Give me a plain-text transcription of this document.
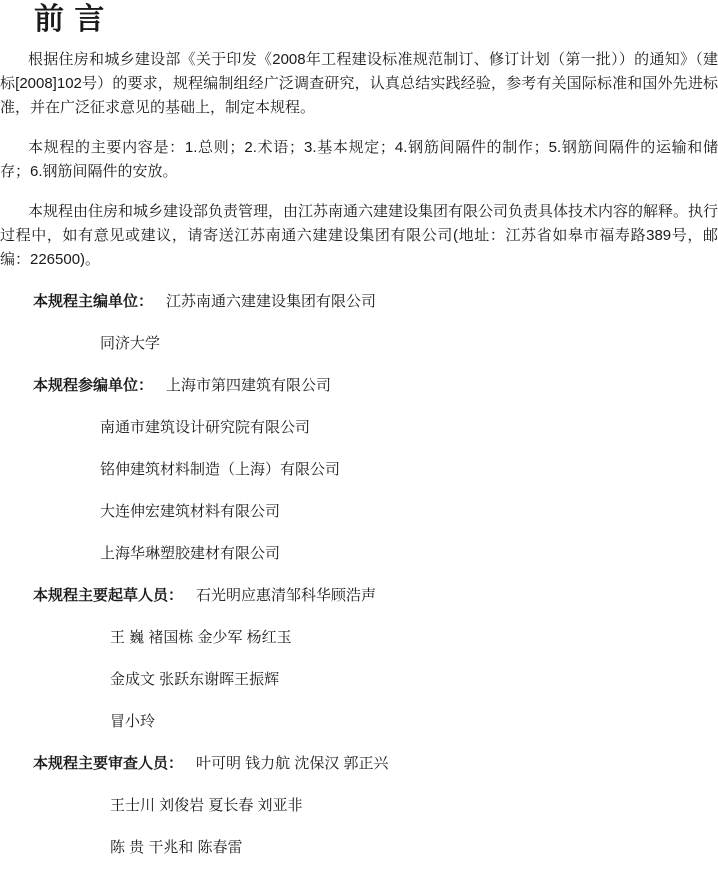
前 言

根据住房和城乡建设部《关于印发《2008年工程建设标准规范制订、修订计划（第一批））的通知》（建标[2008]102号）的要求，规程编制组经广泛调查研究，认真总结实践经验，参考有关国际标准和国外先进标准，并在广泛征求意见的基础上，制定本规程。

本规程的主要内容是：1.总则；2.术语；3.基本规定；4.钢筋间隔件的制作；5.钢筋间隔件的运输和储存；6.钢筋间隔件的安放。

本规程由住房和城乡建设部负责管理，由江苏南通六建建设集团有限公司负责具体技术内容的解释。执行过程中，如有意见或建议，请寄送江苏南通六建建设集团有限公司(地址：江苏省如皋市福寿路389号，邮编：226500)。

本规程主编单位： 江苏南通六建建设集团有限公司
同济大学
本规程参编单位： 上海市第四建筑有限公司
南通市建筑设计研究院有限公司
铭伸建筑材料制造（上海）有限公司
大连伸宏建筑材料有限公司
上海华琳塑胶建材有限公司
本规程主要起草人员： 石光明应惠清邹科华顾浩声
王 巍 褚国栋 金少军 杨红玉
金成文 张跃东谢晖王振辉
冒小玲
本规程主要审查人员： 叶可明 钱力航 沈保汉 郭正兴
王士川 刘俊岩 夏长春 刘亚非
陈 贵 干兆和 陈春雷
